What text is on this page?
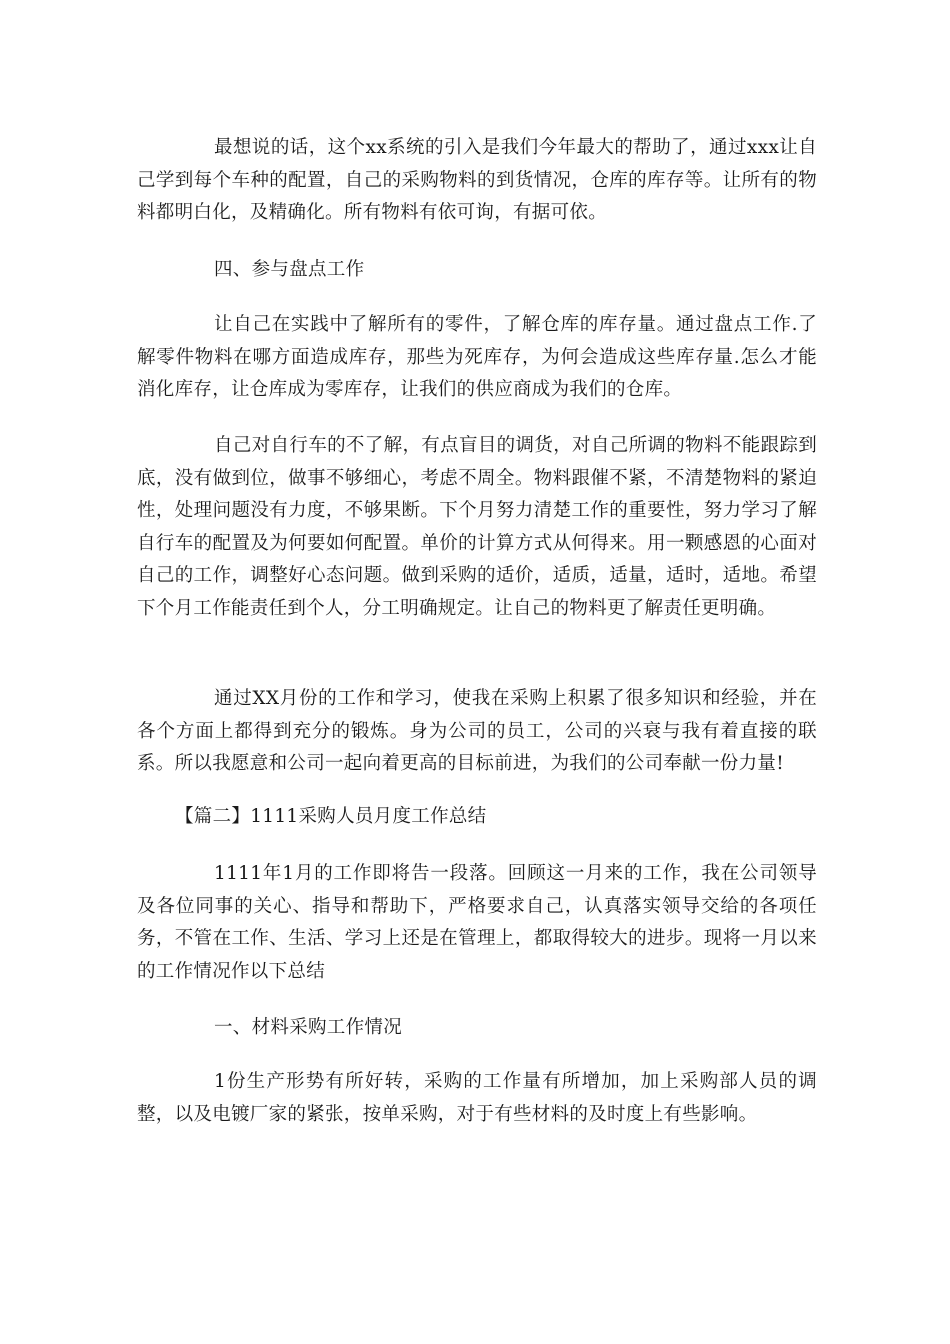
最想说的话，这个xx系统的引入是我们今年最大的帮助了，通过xxx让自己学到每个车种的配置，自己的采购物料的到货情况，仓库的库存等。让所有的物料都明白化，及精确化。所有物料有依可询，有据可依。

四、参与盘点工作

让自己在实践中了解所有的零件，了解仓库的库存量。通过盘点工作.了解零件物料在哪方面造成库存，那些为死库存，为何会造成这些库存量.怎么才能消化库存，让仓库成为零库存，让我们的供应商成为我们的仓库。

自己对自行车的不了解，有点盲目的调货，对自己所调的物料不能跟踪到底，没有做到位，做事不够细心，考虑不周全。物料跟催不紧，不清楚物料的紧迫性，处理问题没有力度，不够果断。下个月努力清楚工作的重要性，努力学习了解自行车的配置及为何要如何配置。单价的计算方式从何得来。用一颗感恩的心面对自己的工作，调整好心态问题。做到采购的适价，适质，适量，适时，适地。希望下个月工作能责任到个人，分工明确规定。让自己的物料更了解责任更明确。

通过XX月份的工作和学习，使我在采购上积累了很多知识和经验，并在各个方面上都得到充分的锻炼。身为公司的员工，公司的兴衰与我有着直接的联系。所以我愿意和公司一起向着更高的目标前进，为我们的公司奉献一份力量!

【篇二】1111采购人员月度工作总结

1111年1月的工作即将告一段落。回顾这一月来的工作，我在公司领导及各位同事的关心、指导和帮助下，严格要求自己，认真落实领导交给的各项任务，不管在工作、生活、学习上还是在管理上，都取得较大的进步。现将一月以来的工作情况作以下总结

一、材料采购工作情况

1份生产形势有所好转，采购的工作量有所增加，加上采购部人员的调整，以及电镀厂家的紧张，按单采购，对于有些材料的及时度上有些影响。
